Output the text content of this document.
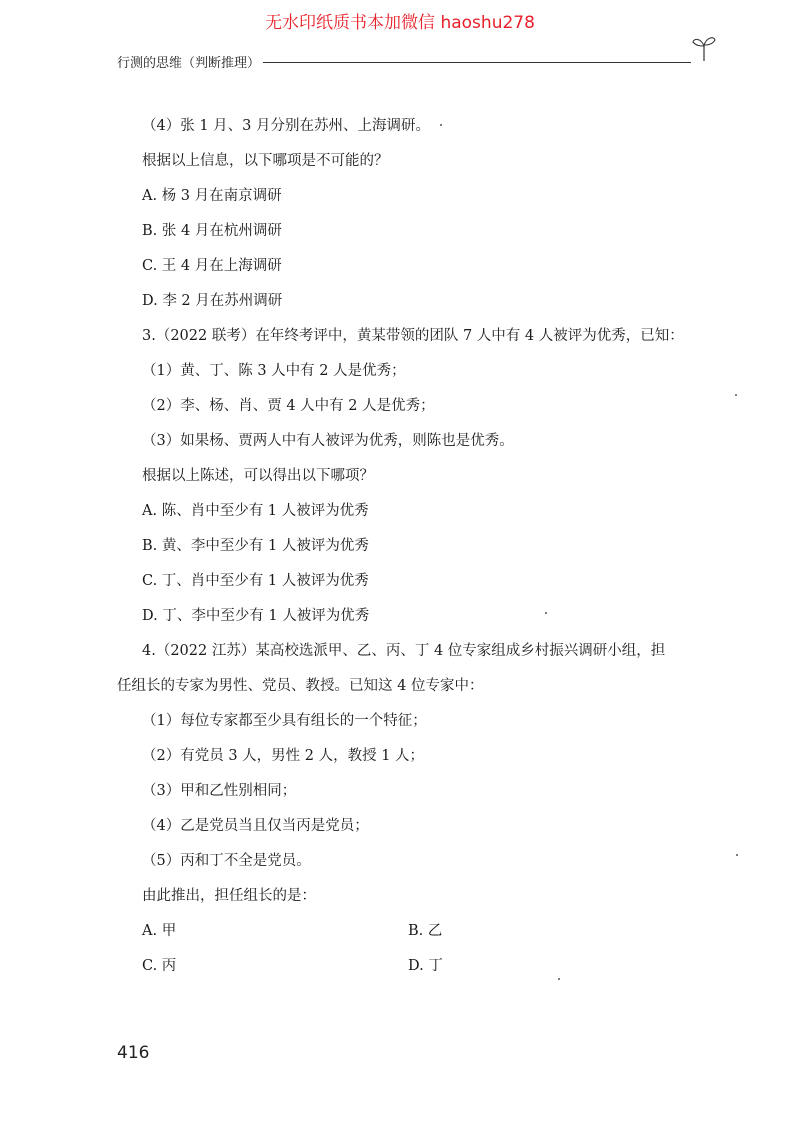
无水印纸质书本加微信 haoshu278
行测的思维（判断推理）
（4）张 1 月、3 月分别在苏州、上海调研。
根据以上信息，以下哪项是不可能的？
A. 杨 3 月在南京调研
B. 张 4 月在杭州调研
C. 王 4 月在上海调研
D. 李 2 月在苏州调研
3.（2022 联考）在年终考评中，黄某带领的团队 7 人中有 4 人被评为优秀，已知：
（1）黄、丁、陈 3 人中有 2 人是优秀；
（2）李、杨、肖、贾 4 人中有 2 人是优秀；
（3）如果杨、贾两人中有人被评为优秀，则陈也是优秀。
根据以上陈述，可以得出以下哪项？
A. 陈、肖中至少有 1 人被评为优秀
B. 黄、李中至少有 1 人被评为优秀
C. 丁、肖中至少有 1 人被评为优秀
D. 丁、李中至少有 1 人被评为优秀
4.（2022 江苏）某高校选派甲、乙、丙、丁 4 位专家组成乡村振兴调研小组，担
任组长的专家为男性、党员、教授。已知这 4 位专家中：
（1）每位专家都至少具有组长的一个特征；
（2）有党员 3 人，男性 2 人，教授 1 人；
（3）甲和乙性别相同；
（4）乙是党员当且仅当丙是党员；
（5）丙和丁不全是党员。
由此推出，担任组长的是：
A. 甲	B. 乙
C. 丙	D. 丁
416
